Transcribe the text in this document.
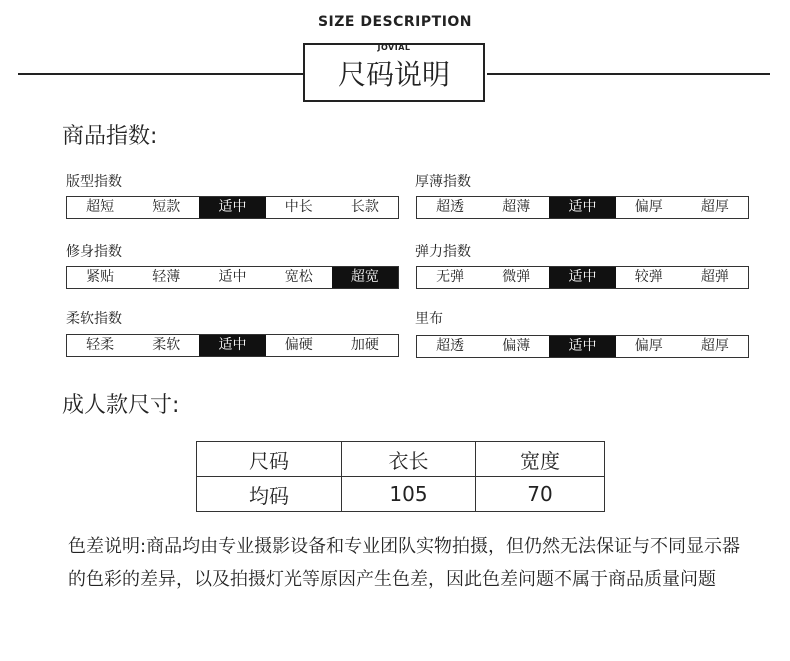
SIZE DESCRIPTION
JOVIAL
尺码说明
商品指数:
版型指数
超短	短款	适中	中长	长款
厚薄指数
超透	超薄	适中	偏厚	超厚
修身指数
紧贴	轻薄	适中	宽松	超宽
弹力指数
无弹	微弹	适中	较弹	超弹
柔软指数
轻柔	柔软	适中	偏硬	加硬
里布
超透	偏薄	适中	偏厚	超厚
成人款尺寸:
尺码	衣长	宽度
均码	105	70
色差说明:商品均由专业摄影设备和专业团队实物拍摄，但仍然无法保证与不同显示器的色彩的差异，以及拍摄灯光等原因产生色差，因此色差问题不属于商品质量问题
